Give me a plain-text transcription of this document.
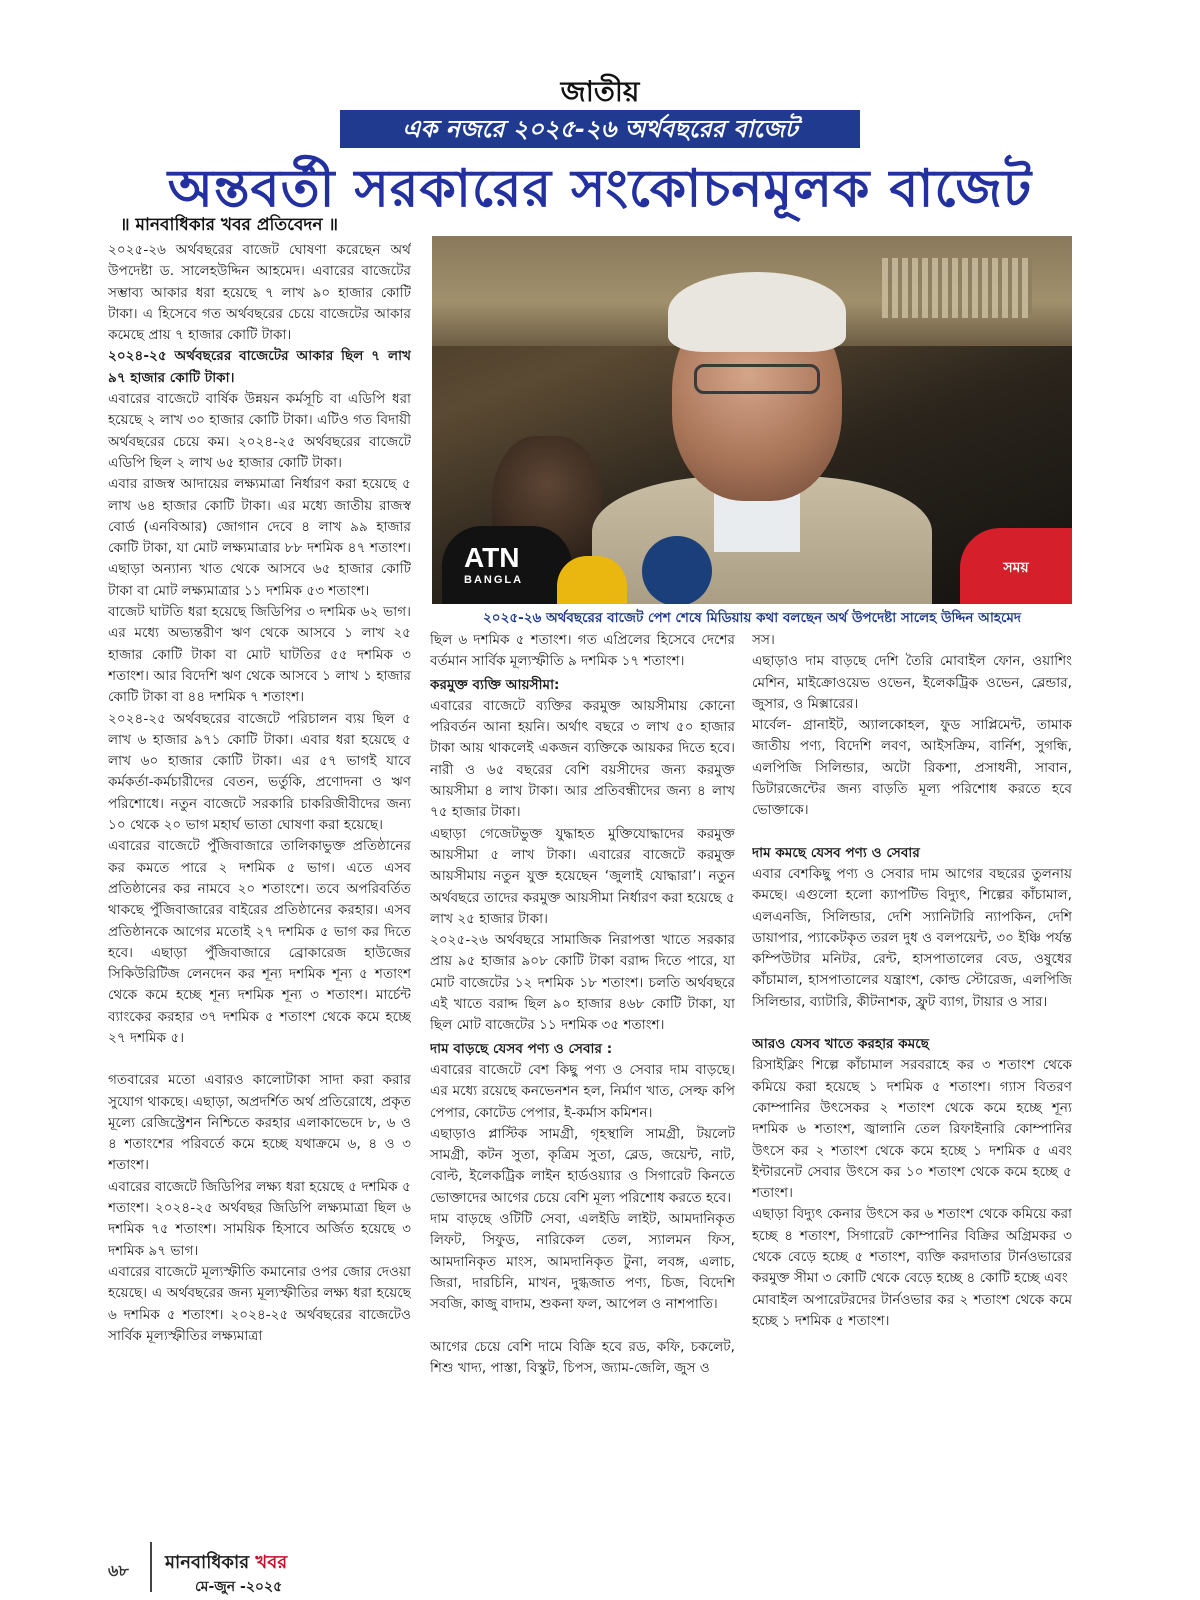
জাতীয়
এক নজরে ২০২৫-২৬ অর্থবছরের বাজেট
অন্তবর্তী সরকারের সংকোচনমূলক বাজেট
॥ মানবাধিকার খবর প্রতিবেদন ॥

২০২৫-২৬ অর্থবছরের বাজেট ঘোষণা করেছেন অর্থ উপদেষ্টা ড. সালেহউদ্দিন আহমেদ। এবারের বাজেটের সম্ভাব্য আকার ধরা হয়েছে ৭ লাখ ৯০ হাজার কোটি টাকা। এ হিসেবে গত অর্থবছরের চেয়ে বাজেটের আকার কমেছে প্রায় ৭ হাজার কোটি টাকা।

২০২৪-২৫ অর্থবছরের বাজেটের আকার ছিল ৭ লাখ ৯৭ হাজার কোটি টাকা।

এবারের বাজেটে বার্ষিক উন্নয়ন কর্মসূচি বা এডিপি ধরা হয়েছে ২ লাখ ৩০ হাজার কোটি টাকা। এটিও গত বিদায়ী অর্থবছরের চেয়ে কম। ২০২৪-২৫ অর্থবছরের বাজেটে এডিপি ছিল ২ লাখ ৬৫ হাজার কোটি টাকা।

এবার রাজস্ব আদায়ের লক্ষ্যমাত্রা নির্ধারণ করা হয়েছে ৫ লাখ ৬৪ হাজার কোটি টাকা। এর মধ্যে জাতীয় রাজস্ব বোর্ড (এনবিআর) জোগান দেবে ৪ লাখ ৯৯ হাজার কোটি টাকা, যা মোট লক্ষ্যমাত্রার ৮৮ দশমিক ৪৭ শতাংশ। এছাড়া অন্যান্য খাত থেকে আসবে ৬৫ হাজার কোটি টাকা বা মোট লক্ষ্যমাত্রার ১১ দশমিক ৫৩ শতাংশ।

বাজেট ঘাটতি ধরা হয়েছে জিডিপির ৩ দশমিক ৬২ ভাগ। এর মধ্যে অভ্যন্তরীণ ঋণ থেকে আসবে ১ লাখ ২৫ হাজার কোটি টাকা বা মোট ঘাটতির ৫৫ দশমিক ৩ শতাংশ। আর বিদেশি ঋণ থেকে আসবে ১ লাখ ১ হাজার কোটি টাকা বা ৪৪ দশমিক ৭ শতাংশ।

২০২৪-২৫ অর্থবছরের বাজেটে পরিচালন ব্যয় ছিল ৫ লাখ ৬ হাজার ৯৭১ কোটি টাকা। এবার ধরা হয়েছে ৫ লাখ ৬০ হাজার কোটি টাকা। এর ৫৭ ভাগই যাবে কর্মকর্তা-কর্মচারীদের বেতন, ভর্তুকি, প্রণোদনা ও ঋণ পরিশোধে। নতুন বাজেটে সরকারি চাকরিজীবীদের জন্য ১০ থেকে ২০ ভাগ মহার্ঘ ভাতা ঘোষণা করা হয়েছে।

এবারের বাজেটে পুঁজিবাজারে তালিকাভুক্ত প্রতিষ্ঠানের কর কমতে পারে ২ দশমিক ৫ ভাগ। এতে এসব প্রতিষ্ঠানের কর নামবে ২০ শতাংশে। তবে অপরিবর্তিত থাকছে পুঁজিবাজারের বাইরের প্রতিষ্ঠানের করহার। এসব প্রতিষ্ঠানকে আগের মতোই ২৭ দশমিক ৫ ভাগ কর দিতে হবে। এছাড়া পুঁজিবাজারে ব্রোকারেজ হাউজের সিকিউরিটিজ লেনদেন কর শূন্য দশমিক শূন্য ৫ শতাংশ থেকে কমে হচ্ছে শূন্য দশমিক শূন্য ৩ শতাংশ। মার্চেন্ট ব্যাংকের করহার ৩৭ দশমিক ৫ শতাংশ থেকে কমে হচ্ছে ২৭ দশমিক ৫।

গতবারের মতো এবারও কালোটাকা সাদা করা করার সুযোগ থাকছে। এছাড়া, অপ্রদর্শিত অর্থ প্রতিরোধে, প্রকৃত মূল্যে রেজিস্ট্রেশন নিশ্চিতে করহার এলাকাভেদে ৮, ৬ ও ৪ শতাংশের পরিবর্তে কমে হচ্ছে যথাক্রমে ৬, ৪ ও ৩ শতাংশ।

এবারের বাজেটে জিডিপির লক্ষ্য ধরা হয়েছে ৫ দশমিক ৫ শতাংশ। ২০২৪-২৫ অর্থবছর জিডিপি লক্ষ্যমাত্রা ছিল ৬ দশমিক ৭৫ শতাংশ। সাময়িক হিসাবে অর্জিত হয়েছে ৩ দশমিক ৯৭ ভাগ।

এবারের বাজেটে মূল্যস্ফীতি কমানোর ওপর জোর দেওয়া হয়েছে। এ অর্থবছরের জন্য মূল্যস্ফীতির লক্ষ্য ধরা হয়েছে ৬ দশমিক ৫ শতাংশ। ২০২৪-২৫ অর্থবছরের বাজেটেও সার্বিক মূল্যস্ফীতির লক্ষ্যমাত্রা

ATN
BANGLA
সময়
২০২৫-২৬ অর্থবছরের বাজেট পেশ শেষে মিডিয়ায় কথা বলছেন অর্থ উপদেষ্টা সালেহ উদ্দিন আহমেদ

ছিল ৬ দশমিক ৫ শতাংশ। গত এপ্রিলের হিসেবে দেশের বর্তমান সার্বিক মূল্যস্ফীতি ৯ দশমিক ১৭ শতাংশ।

করমুক্ত ব্যক্তি আয়সীমা:

এবারের বাজেটে ব্যক্তির করমুক্ত আয়সীমায় কোনো পরিবর্তন আনা হয়নি। অর্থাৎ বছরে ৩ লাখ ৫০ হাজার টাকা আয় থাকলেই একজন ব্যক্তিকে আয়কর দিতে হবে। নারী ও ৬৫ বছরের বেশি বয়সীদের জন্য করমুক্ত আয়সীমা ৪ লাখ টাকা। আর প্রতিবন্ধীদের জন্য ৪ লাখ ৭৫ হাজার টাকা।

এছাড়া গেজেটভুক্ত যুদ্ধাহত মুক্তিযোদ্ধাদের করমুক্ত আয়সীমা ৫ লাখ টাকা। এবারের বাজেটে করমুক্ত আয়সীমায় নতুন যুক্ত হয়েছেন ‘জুলাই যোদ্ধারা’। নতুন অর্থবছরে তাদের করমুক্ত আয়সীমা নির্ধারণ করা হয়েছে ৫ লাখ ২৫ হাজার টাকা।

২০২৫-২৬ অর্থবছরে সামাজিক নিরাপত্তা খাতে সরকার প্রায় ৯৫ হাজার ৯০৮ কোটি টাকা বরাদ্দ দিতে পারে, যা মোট বাজেটের ১২ দশমিক ১৮ শতাংশ। চলতি অর্থবছরে এই খাতে বরাদ্দ ছিল ৯০ হাজার ৪৬৮ কোটি টাকা, যা ছিল মোট বাজেটের ১১ দশমিক ৩৫ শতাংশ।

দাম বাড়ছে যেসব পণ্য ও সেবার :

এবারের বাজেটে বেশ কিছু পণ্য ও সেবার দাম বাড়ছে। এর মধ্যে রয়েছে কনভেনশন হল, নির্মাণ খাত, সেল্ফ কপি পেপার, কোটেড পেপার, ই-কর্মাস কমিশন।

এছাড়াও প্লাস্টিক সামগ্রী, গৃহস্থালি সামগ্রী, টয়লেট সামগ্রী, কটন সুতা, কৃত্রিম সুতা, ব্লেড, জয়েন্ট, নাট, বোল্ট, ইলেকট্রিক লাইন হার্ডওয়্যার ও সিগারেট কিনতে ভোক্তাদের আগের চেয়ে বেশি মূল্য পরিশোধ করতে হবে।

দাম বাড়ছে ওটিটি সেবা, এলইডি লাইট, আমদানিকৃত লিফট, সিফুড, নারিকেল তেল, স্যালমন ফিস, আমদানিকৃত মাংস, আমদানিকৃত টুনা, লবঙ্গ, এলাচ, জিরা, দারচিনি, মাখন, দুগ্ধজাত পণ্য, চিজ, বিদেশি সবজি, কাজু বাদাম, শুকনা ফল, আপেল ও নাশপাতি।

আগের চেয়ে বেশি দামে বিক্রি হবে রড, কফি, চকলেট, শিশু খাদ্য, পাস্তা, বিস্কুট, চিপস, জ্যাম-জেলি, জুস ও

সস।

এছাড়াও দাম বাড়ছে দেশি তৈরি মোবাইল ফোন, ওয়াশিং মেশিন, মাইক্রোওয়েভ ওভেন, ইলেকট্রিক ওভেন, ব্লেন্ডার, জুসার, ও মিক্সারের।

মার্বেল- গ্রানাইট, অ্যালকোহল, ফুড সাপ্লিমেন্ট, তামাক জাতীয় পণ্য, বিদেশি লবণ, আইসক্রিম, বার্নিশ, সুগন্ধি, এলপিজি সিলিন্ডার, অটো রিকশা, প্রসাধনী, সাবান, ডিটারজেন্টের জন্য বাড়তি মূল্য পরিশোধ করতে হবে ভোক্তাকে।

দাম কমছে যেসব পণ্য ও সেবার

এবার বেশকিছু পণ্য ও সেবার দাম আগের বছরের তুলনায় কমছে। এগুলো হলো ক্যাপটিভ বিদ্যুৎ, শিল্পের কাঁচামাল, এলএনজি, সিলিন্ডার, দেশি স্যানিটারি ন্যাপকিন, দেশি ডায়াপার, প্যাকেটকৃত তরল দুধ ও বলপয়েন্ট, ৩০ ইঞ্চি পর্যন্ত কম্পিউটার মনিটর, রেন্ট, হাসপাতালের বেড, ওষুধের কাঁচামাল, হাসপাতালের যন্ত্রাংশ, কোল্ড স্টোরেজ, এলপিজি সিলিন্ডার, ব্যাটারি, কীটনাশক, ফ্রুট ব্যাগ, টায়ার ও সার।

আরও যেসব খাতে করহার কমছে

রিসাইক্লিং শিল্পে কাঁচামাল সরবরাহে কর ৩ শতাংশ থেকে কমিয়ে করা হয়েছে ১ দশমিক ৫ শতাংশ। গ্যাস বিতরণ কোম্পানির উৎসেকর ২ শতাংশ থেকে কমে হচ্ছে শূন্য দশমিক ৬ শতাংশ, জ্বালানি তেল রিফাইনারি কোম্পানির উৎসে কর ২ শতাংশ থেকে কমে হচ্ছে ১ দশমিক ৫ এবং ইন্টারনেট সেবার উৎসে কর ১০ শতাংশ থেকে কমে হচ্ছে ৫ শতাংশ।

এছাড়া বিদ্যুৎ কেনার উৎসে কর ৬ শতাংশ থেকে কমিয়ে করা হচ্ছে ৪ শতাংশ, সিগারেট কোম্পানির বিক্রির অগ্রিমকর ৩ থেকে বেড়ে হচ্ছে ৫ শতাংশ, ব্যক্তি করদাতার টার্নওভারের করমুক্ত সীমা ৩ কোটি থেকে বেড়ে হচ্ছে ৪ কোটি হচ্ছে এবং

মোবাইল অপারেটরদের টার্নওভার কর ২ শতাংশ থেকে কমে হচ্ছে ১ দশমিক ৫ শতাংশ।

৬৮ মানবাধিকার খবর
মে-জুন -২০২৫
